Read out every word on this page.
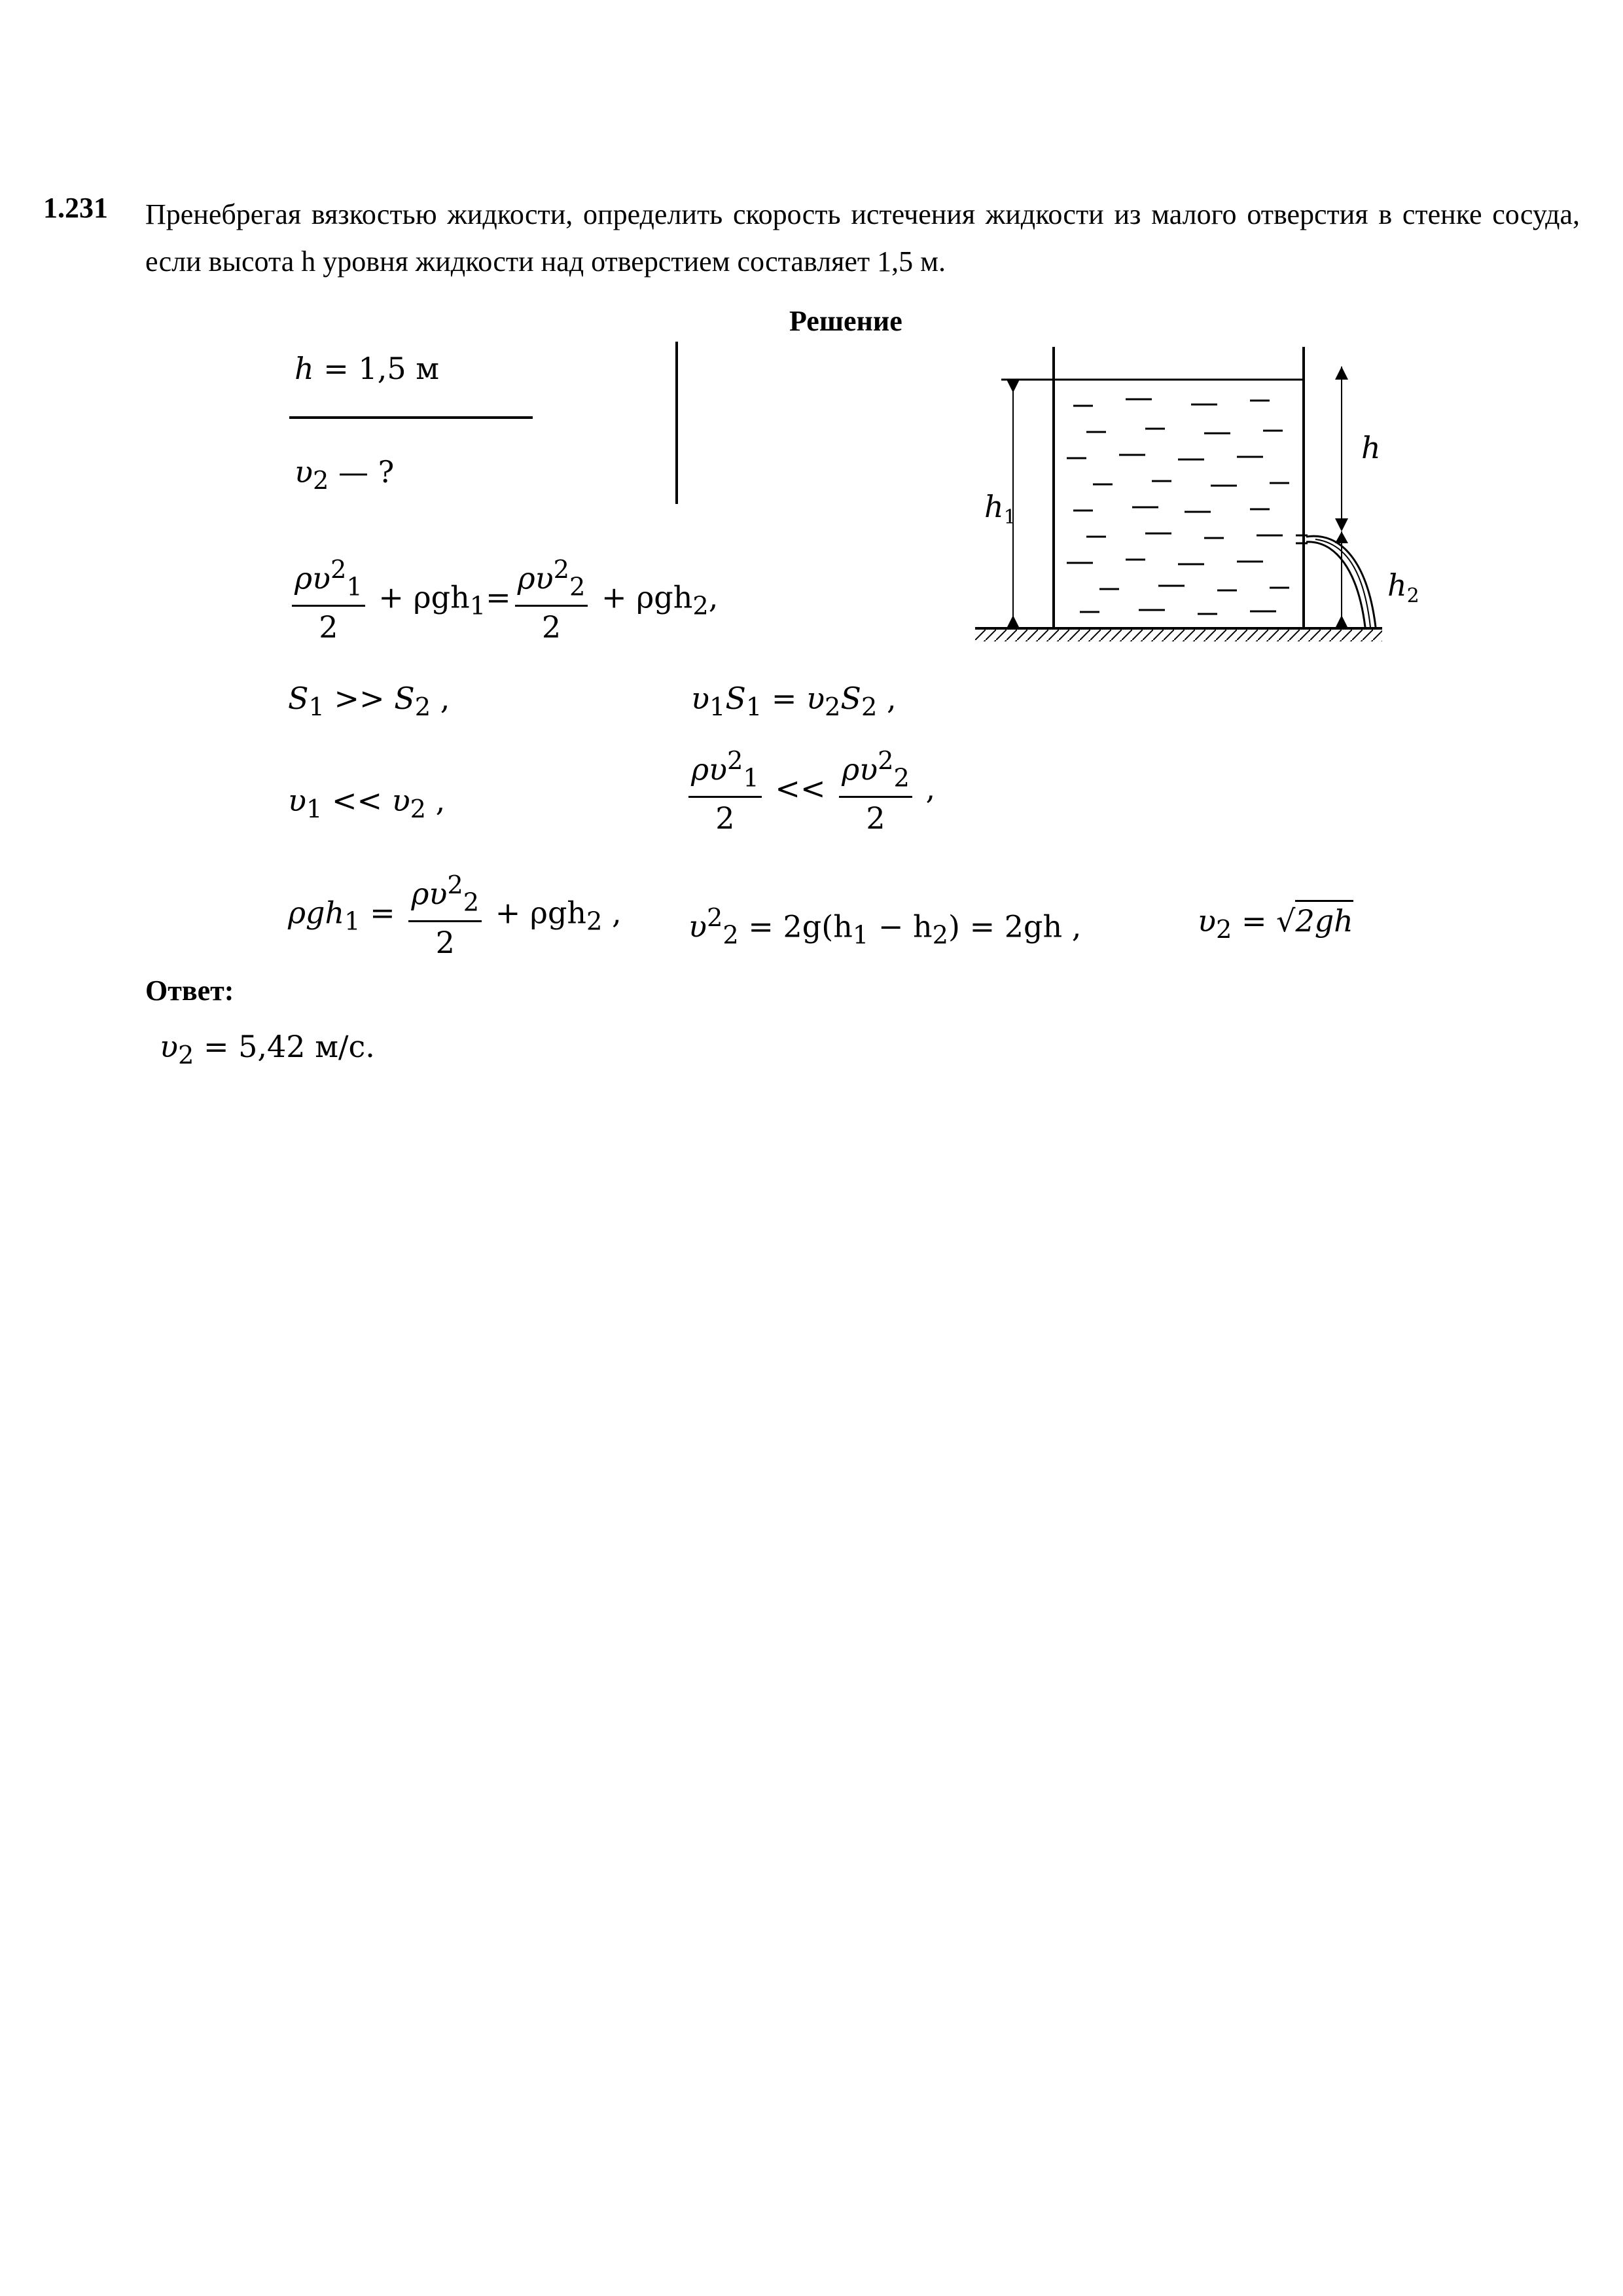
1.231 Пренебрегая вязкостью жидкости, определить скорость истечения жидкости из малого отверстия в стенке сосуда, если высота h уровня жидкости над отверстием составляет 1,5 м.
Решение
h = 1,5 м
$\upsilon_2$ — ?
h
$h_1$
$h_2$
$\frac{\rho\upsilon^2_1}{2} + \rho gh_1= \frac{\rho\upsilon^2_2}{2} + \rho gh_2$,
$S_1 >> S_2$ ,	$\upsilon_1S_1 = \upsilon_2S_2$ ,
$\upsilon_1 << \upsilon_2$ ,	$\frac{\rho\upsilon^2_1}{2} << \frac{\rho\upsilon^2_2}{2}$ ,
$\rho gh_1 = \frac{\rho\upsilon^2_2}{2} + \rho gh_2$ , $\upsilon^2_2 = 2g(h_1 - h_2) = 2gh$ ,	$\upsilon_2 = √2gh$
Ответ:
$\upsilon_2 = 5,42$ м/с.
